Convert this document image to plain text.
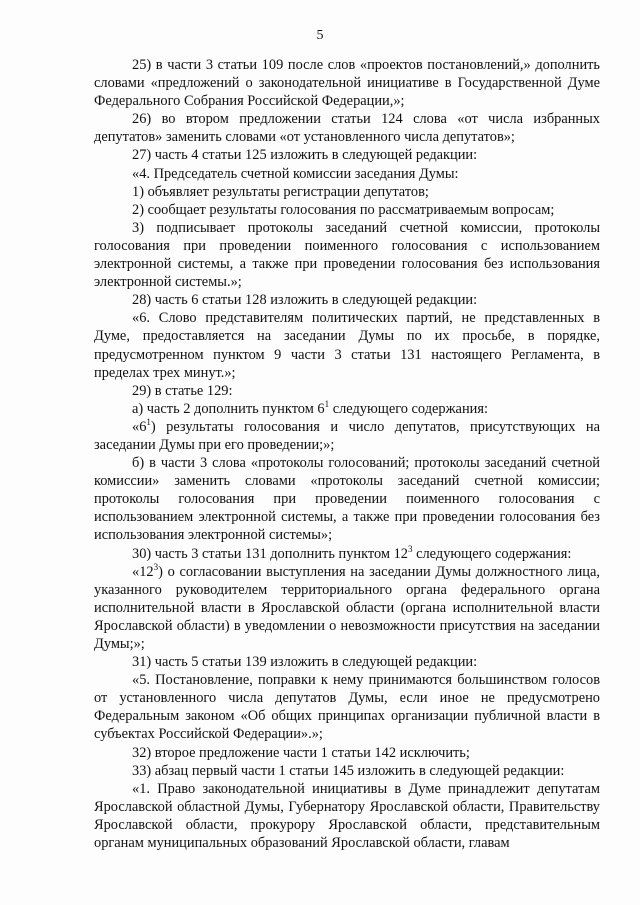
5

25) в части 3 статьи 109 после слов «проектов постановлений,» дополнить словами «предложений о законодательной инициативе в Государственной Думе Федерального Собрания Российской Федерации,»;

26) во втором предложении статьи 124 слова «от числа избранных депутатов» заменить словами «от установленного числа депутатов»;

27) часть 4 статьи 125 изложить в следующей редакции:

«4. Председатель счетной комиссии заседания Думы:

1) объявляет результаты регистрации депутатов;

2) сообщает результаты голосования по рассматриваемым вопросам;

3) подписывает протоколы заседаний счетной комиссии, протоколы голосования при проведении поименного голосования с использованием электронной системы, а также при проведении голосования без использования электронной системы.»;

28) часть 6 статьи 128 изложить в следующей редакции:

«6. Слово представителям политических партий, не представленных в Думе, предоставляется на заседании Думы по их просьбе, в порядке, предусмотренном пунктом 9 части 3 статьи 131 настоящего Регламента, в пределах трех минут.»;

29) в статье 129:

а) часть 2 дополнить пунктом $6^1$ следующего содержания:

«$6^1$) результаты голосования и число депутатов, присутствующих на заседании Думы при его проведении;»;

б) в части 3 слова «протоколы голосований; протоколы заседаний счетной комиссии» заменить словами «протоколы заседаний счетной комиссии; протоколы голосования при проведении поименного голосования с использованием электронной системы, а также при проведении голосования без использования электронной системы»;

30) часть 3 статьи 131 дополнить пунктом $12^3$ следующего содержания:

«$12^3$) о согласовании выступления на заседании Думы должностного лица, указанного руководителем территориального органа федерального органа исполнительной власти в Ярославской области (органа исполнительной власти Ярославской области) в уведомлении о невозможности присутствия на заседании Думы;»;

31) часть 5 статьи 139 изложить в следующей редакции:

«5. Постановление, поправки к нему принимаются большинством голосов от установленного числа депутатов Думы, если иное не предусмотрено Федеральным законом «Об общих принципах организации публичной власти в субъектах Российской Федерации».»;

32) второе предложение части 1 статьи 142 исключить;

33) абзац первый части 1 статьи 145 изложить в следующей редакции:

«1. Право законодательной инициативы в Думе принадлежит депутатам Ярославской областной Думы, Губернатору Ярославской области, Правительству Ярославской области, прокурору Ярославской области, представительным органам муниципальных образований Ярославской области, главам
